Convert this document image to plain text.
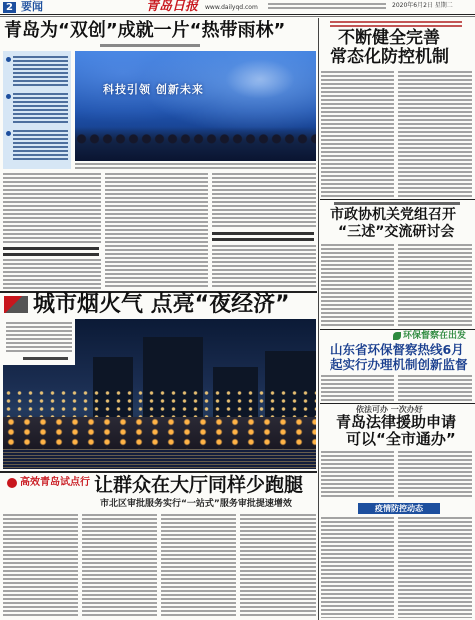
2 要闻	青岛日报 www.dailyqd.com	2020年6月2日 星期二
青岛为“双创”成就一片“热带雨林”
科技引领 创新未来
不断健全完善
常态化防控机制
市政协机关党组召开
“三述”交流研讨会
环保督察在出发
山东省环保督察热线6月
起实行办理机制创新监督
依法可办 一次办好
青岛法律援助申请
可以“全市通办”
疫情防控动态
城市烟火气 点亮“夜经济”
高效青岛试点行 让群众在大厅同样少跑腿
市北区审批服务实行“一站式”服务审批提速增效
